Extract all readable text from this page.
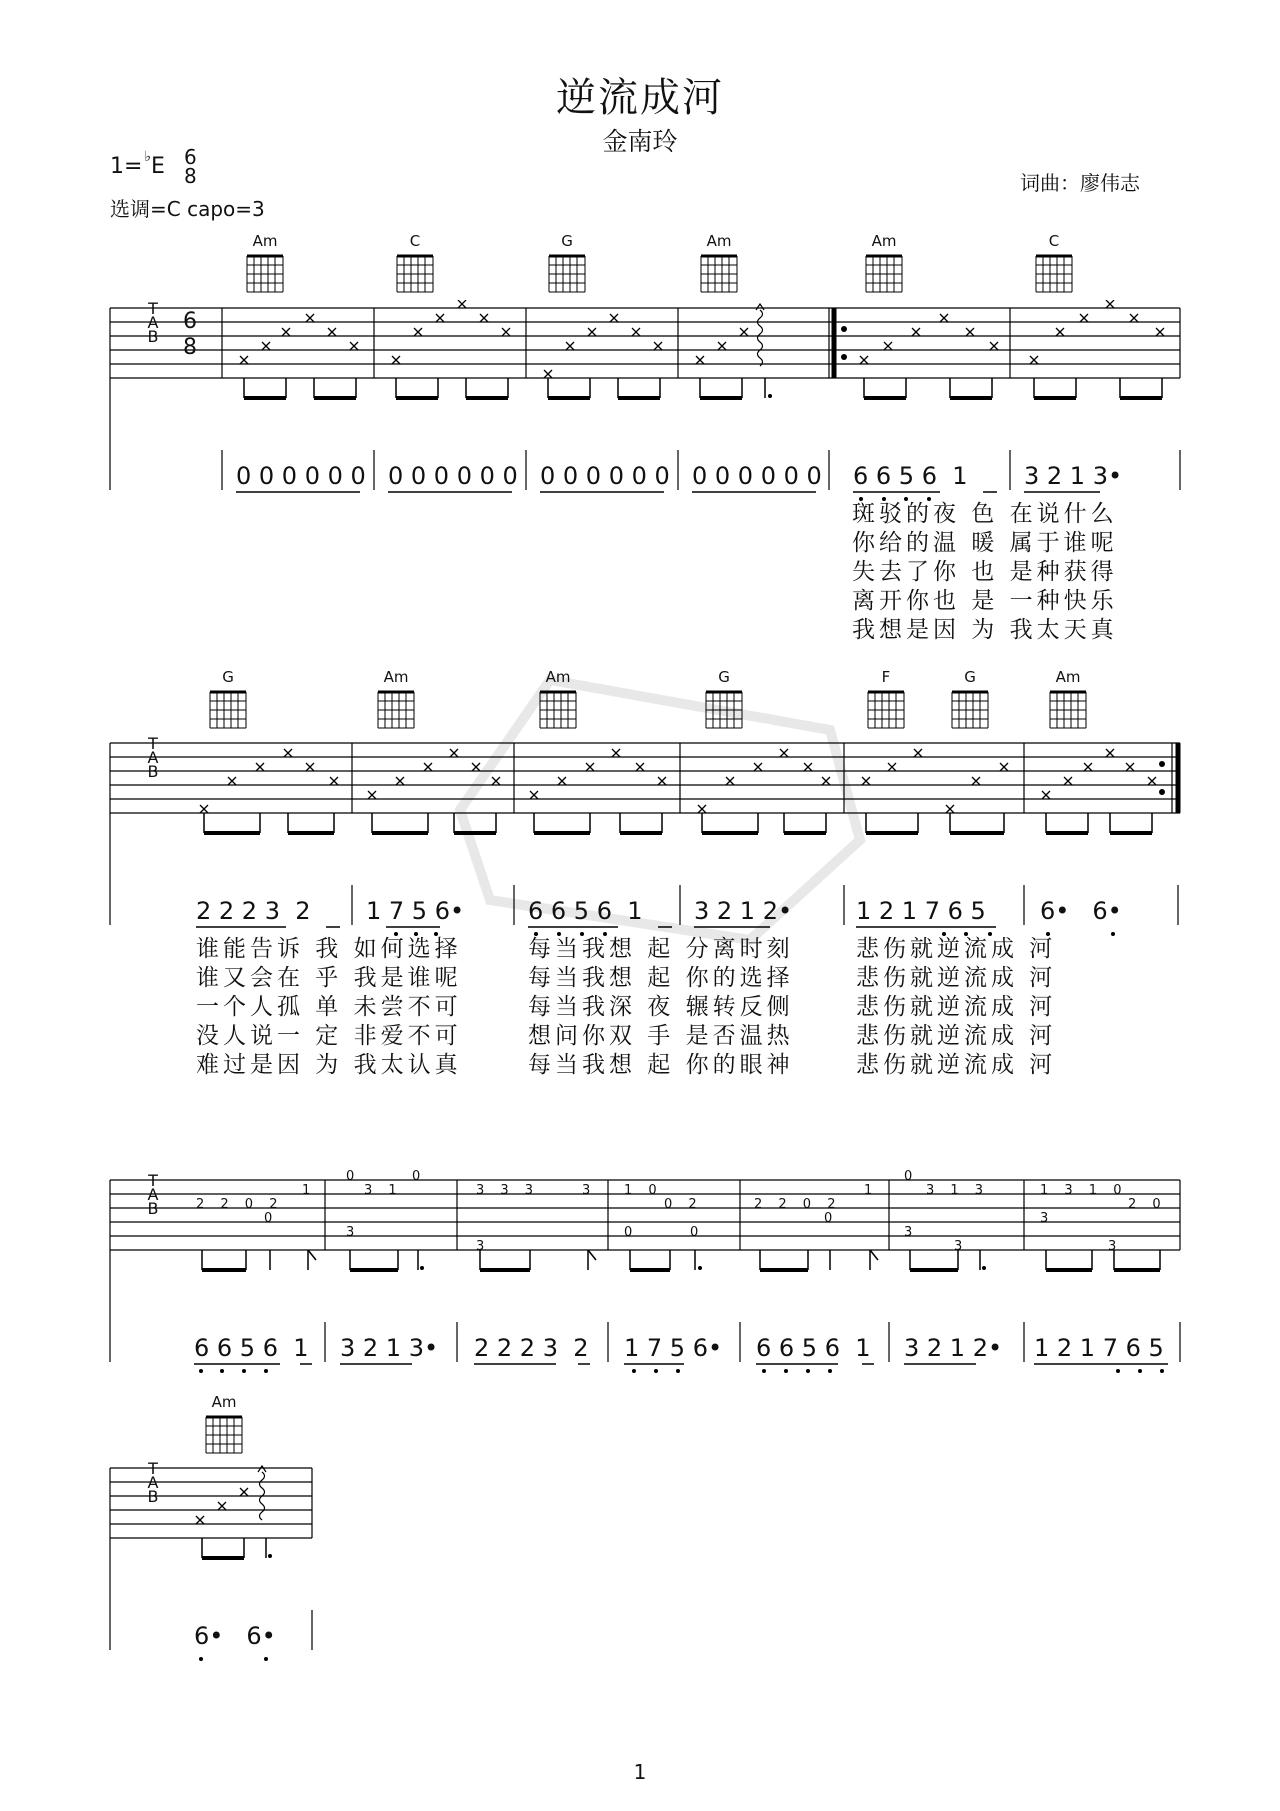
逆流成河
金南玲
1= ♭E 6
8
选调=C capo=3
词曲：廖伟志
Am	C	G	Am	Am	C
T
A
B
6
8
0 0 0 0 0 0 0 0 0 0 0 0 0 0 0 0 0 0 0 0 0 0 0 0 6 6 5 6  1 3 2 1 3•
斑驳的夜 色 在说什么
你给的温 暖 属于谁呢
失去了你 也 是种获得
离开你也 是 一种快乐
我想是因 为 我太天真
G	Am	Am	G	F	G	Am
T
A
B
2 2 2 3  2 1 7 5 6•	6 6 5 6  1 3 2 1 2•	1 2 1 7 6 5 6•   6•
谁能告诉 我 如何选择
谁又会在 乎 我是谁呢
一个人孤 单 未尝不可
没人说一 定 非爱不可
难过是因 为 我太认真
每当我想 起 分离时刻
每当我想 起 你的选择
每当我深 夜 辗转反侧
想问你双 手 是否温热
每当我想 起 你的眼神
悲伤就逆流成 河
悲伤就逆流成 河
悲伤就逆流成 河
悲伤就逆流成 河
悲伤就逆流成 河
T
A
B	2 2 0 2
0
1
0
3 1
3
0
3 3 3
3
3	1 0
0 2
0	0
2 2 0 2
0
1
0
3 1 3
3
3
1 3 1 0
3
2 0
3
6 6 5 6  1 3 2 1 3• 2 2 2 3  2 1 7 5 6• 6 6 5 6  1 3 2 1 2• 1 2 1 7 6 5
Am
T
A
B
6•   6•
1
